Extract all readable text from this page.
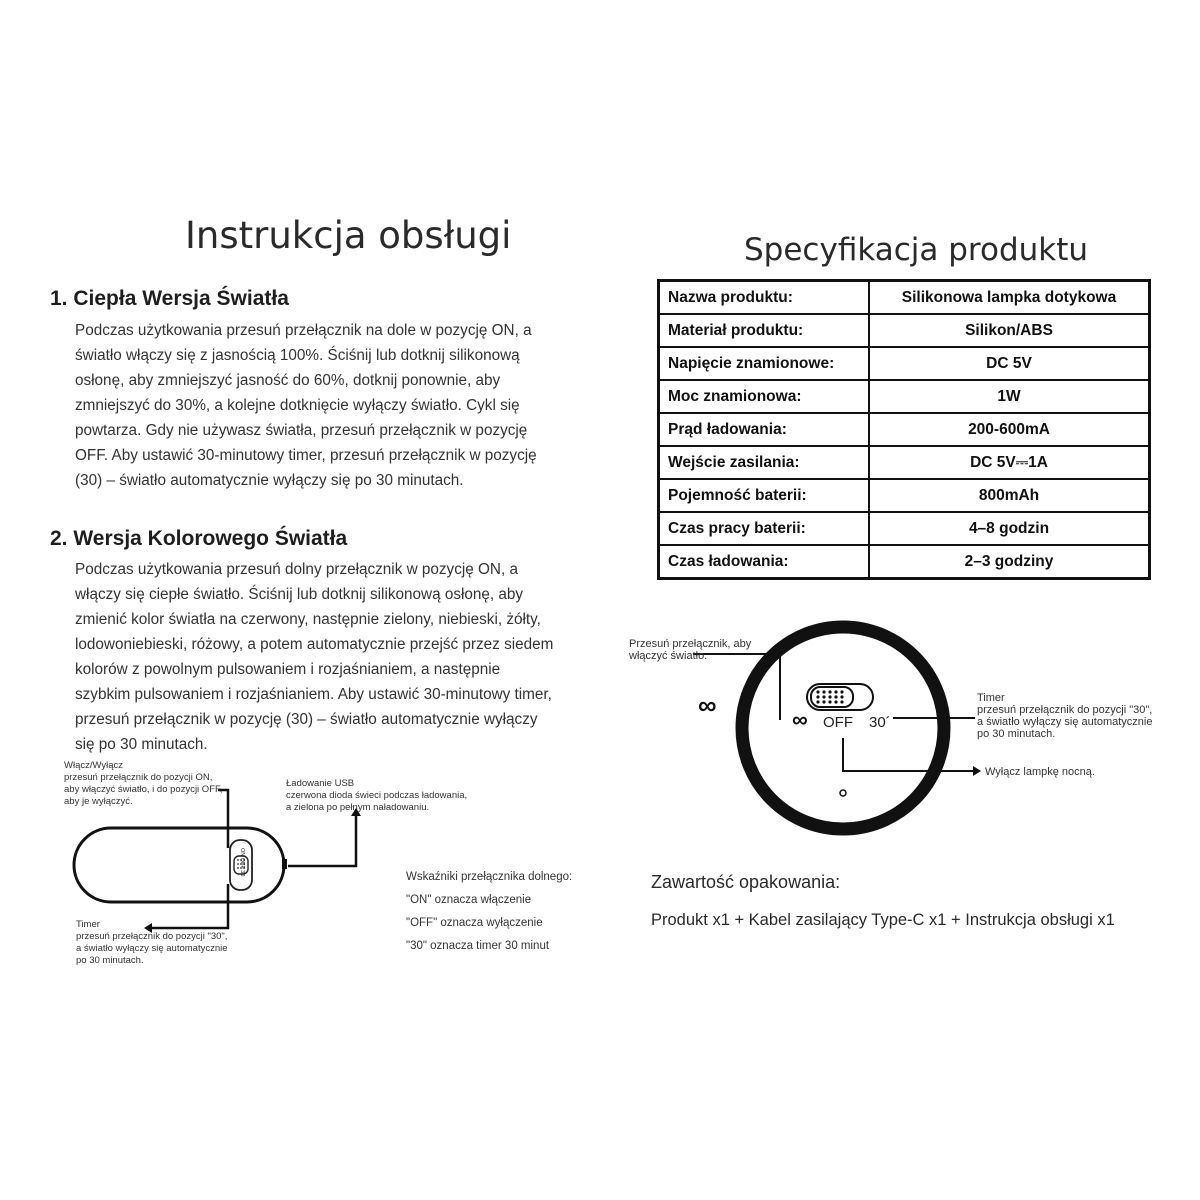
Instrukcja obsługi
1. Ciepła Wersja Światła
Podczas użytkowania przesuń przełącznik na dole w pozycję ON, a
światło włączy się z jasnością 100%. Ściśnij lub dotknij silikonową
osłonę, aby zmniejszyć jasność do 60%, dotknij ponownie, aby
zmniejszyć do 30%, a kolejne dotknięcie wyłączy światło. Cykl się
powtarza. Gdy nie używasz światła, przesuń przełącznik w pozycję
OFF. Aby ustawić 30-minutowy timer, przesuń przełącznik w pozycję
(30) – światło automatycznie wyłączy się po 30 minutach.
2. Wersja Kolorowego Światła
Podczas użytkowania przesuń dolny przełącznik w pozycję ON, a
włączy się ciepłe światło. Ściśnij lub dotknij silikonową osłonę, aby
zmienić kolor światła na czerwony, następnie zielony, niebieski, żółty,
lodowoniebieski, różowy, a potem automatycznie przejść przez siedem
kolorów z powolnym pulsowaniem i rozjaśnianiem, a następnie
szybkim pulsowaniem i rozjaśnianiem. Aby ustawić 30-minutowy timer,
przesuń przełącznik w pozycję (30) – światło automatycznie wyłączy
się po 30 minutach.
ON OFF 30
Włącz/Wyłącz
przesuń przełącznik do pozycji ON,
aby włączyć światło, i do pozycji OFF,
aby je wyłączyć.
Ładowanie USB
czerwona dioda świeci podczas ładowania,
a zielona po pełnym naładowaniu.
Timer
przesuń przełącznik do pozycji "30",
a światło wyłączy się automatycznie
po 30 minutach.
Wskaźniki przełącznika dolnego:
"ON" oznacza włączenie
"OFF" oznacza wyłączenie
"30" oznacza timer 30 minut
Specyfikacja produktu
Nazwa produktu:	Silikonowa lampka dotykowa
Materiał produktu:	Silikon/ABS
Napięcie znamionowe:	DC 5V
Moc znamionowa:	1W
Prąd ładowania:	200-600mA
Wejście zasilania:	DC 5V⎓1A
Pojemność baterii:	800mAh
Czas pracy baterii:	4–8 godzin
Czas ładowania:	2–3 godziny
∞	∞ OFF 30´
Przesuń przełącznik, aby
włączyć światło.
Timer
przesuń przełącznik do pozycji "30",
a światło wyłączy się automatycznie
po 30 minutach.
Wyłącz lampkę nocną.
Zawartość opakowania:
Produkt x1 + Kabel zasilający Type-C x1 + Instrukcja obsługi x1
